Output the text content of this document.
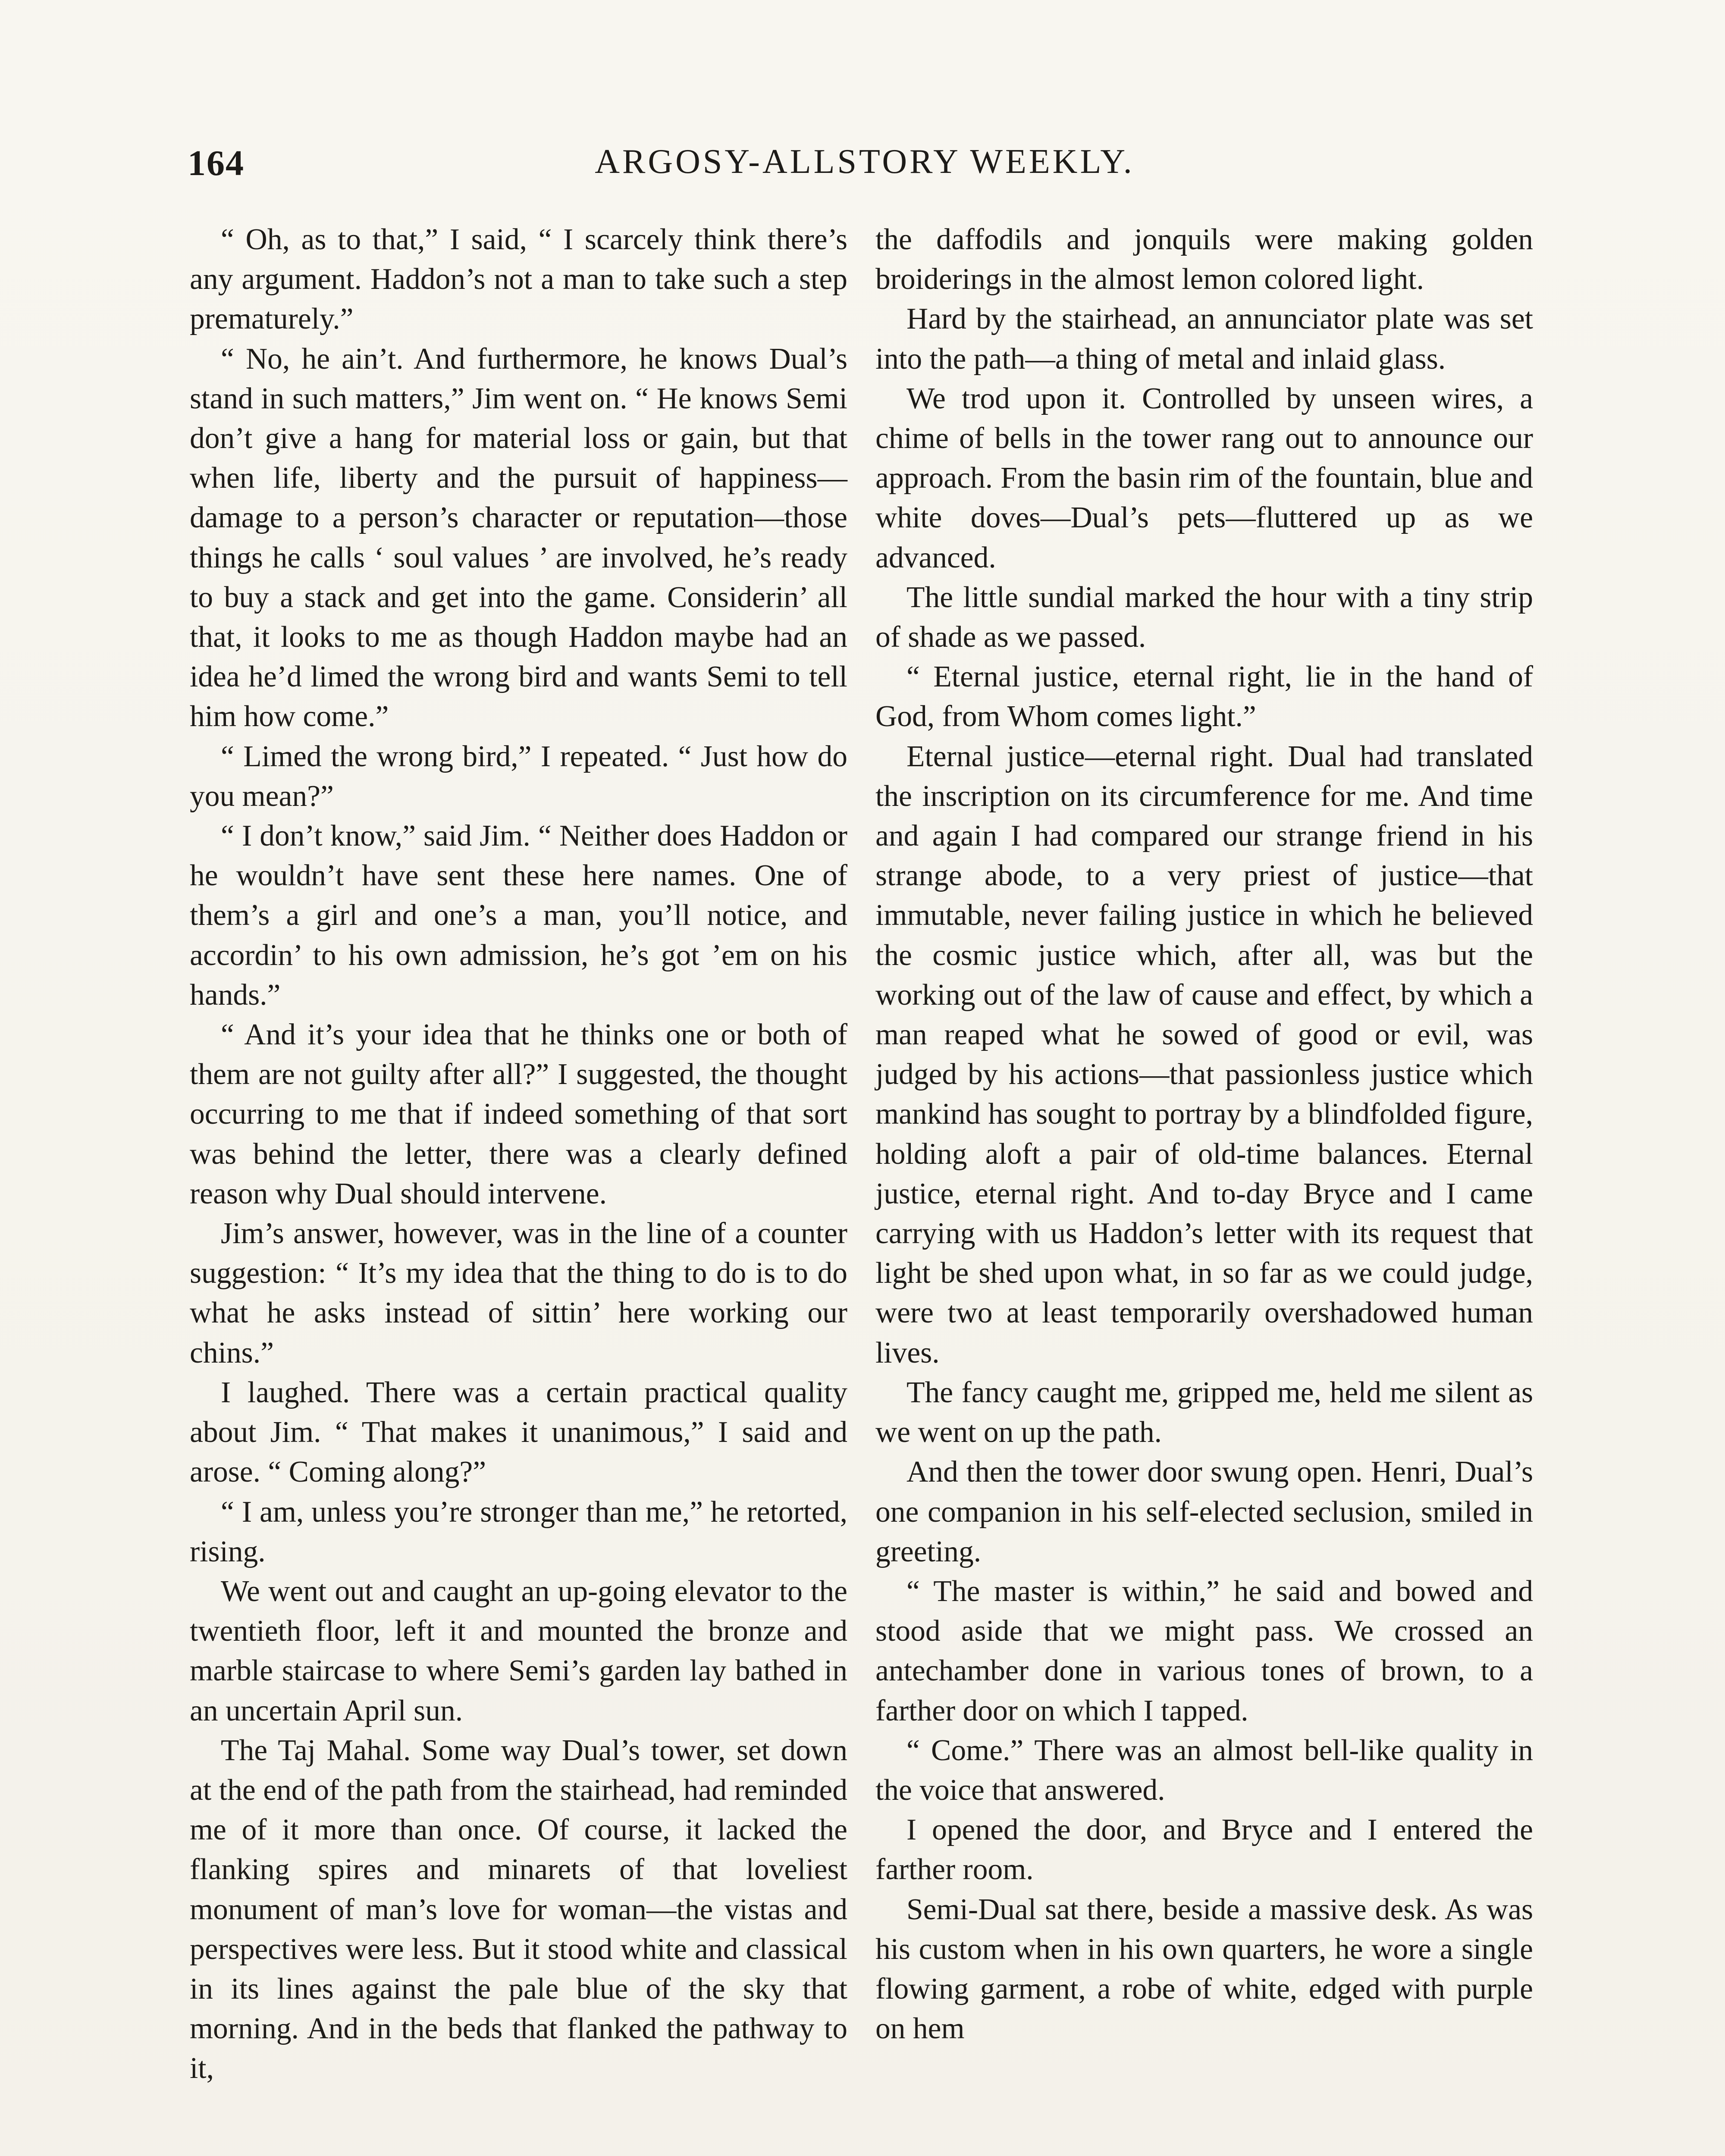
ARGOSY-ALLSTORY WEEKLY.
164

“ Oh, as to that,” I said, “ I scarcely think there’s any argument. Haddon’s not a man to take such a step prematurely.”

“ No, he ain’t. And furthermore, he knows Dual’s stand in such matters,” Jim went on. “ He knows Semi don’t give a hang for material loss or gain, but that when life, liberty and the pursuit of happiness—damage to a person’s character or reputation—those things he calls ‘ soul values ’ are involved, he’s ready to buy a stack and get into the game. Considerin’ all that, it looks to me as though Haddon maybe had an idea he’d limed the wrong bird and wants Semi to tell him how come.”

“ Limed the wrong bird,” I repeated. “ Just how do you mean?”

“ I don’t know,” said Jim. “ Neither does Haddon or he wouldn’t have sent these here names. One of them’s a girl and one’s a man, you’ll notice, and accordin’ to his own admission, he’s got ’em on his hands.”

“ And it’s your idea that he thinks one or both of them are not guilty after all?” I suggested, the thought occurring to me that if indeed something of that sort was behind the letter, there was a clearly defined reason why Dual should intervene.

Jim’s answer, however, was in the line of a counter suggestion: “ It’s my idea that the thing to do is to do what he asks instead of sittin’ here working our chins.”

I laughed. There was a certain practical quality about Jim. “ That makes it unanimous,” I said and arose. “ Coming along?”

“ I am, unless you’re stronger than me,” he retorted, rising.

We went out and caught an up-going elevator to the twentieth floor, left it and mounted the bronze and marble staircase to where Semi’s garden lay bathed in an uncertain April sun.

The Taj Mahal. Some way Dual’s tower, set down at the end of the path from the stairhead, had reminded me of it more than once. Of course, it lacked the flanking spires and minarets of that loveliest monument of man’s love for woman—the vistas and perspectives were less. But it stood white and classical in its lines against the pale blue of the sky that morning. And in the beds that flanked the pathway to it,

the daffodils and jonquils were making golden broiderings in the almost lemon colored light.

Hard by the stairhead, an annunciator plate was set into the path—a thing of metal and inlaid glass.

We trod upon it. Controlled by unseen wires, a chime of bells in the tower rang out to announce our approach. From the basin rim of the fountain, blue and white doves—Dual’s pets—fluttered up as we advanced.

The little sundial marked the hour with a tiny strip of shade as we passed.

“ Eternal justice, eternal right, lie in the hand of God, from Whom comes light.”

Eternal justice—eternal right. Dual had translated the inscription on its circumference for me. And time and again I had compared our strange friend in his strange abode, to a very priest of justice—that immutable, never failing justice in which he believed the cosmic justice which, after all, was but the working out of the law of cause and effect, by which a man reaped what he sowed of good or evil, was judged by his actions—that passionless justice which mankind has sought to portray by a blindfolded figure, holding aloft a pair of old-time balances. Eternal justice, eternal right. And to-day Bryce and I came carrying with us Haddon’s letter with its request that light be shed upon what, in so far as we could judge, were two at least temporarily overshadowed human lives.

The fancy caught me, gripped me, held me silent as we went on up the path.

And then the tower door swung open. Henri, Dual’s one companion in his self-elected seclusion, smiled in greeting.

“ The master is within,” he said and bowed and stood aside that we might pass. We crossed an antechamber done in various tones of brown, to a farther door on which I tapped.

“ Come.” There was an almost bell-like quality in the voice that answered.

I opened the door, and Bryce and I entered the farther room.

Semi-Dual sat there, beside a massive desk. As was his custom when in his own quarters, he wore a single flowing garment, a robe of white, edged with purple on hem
